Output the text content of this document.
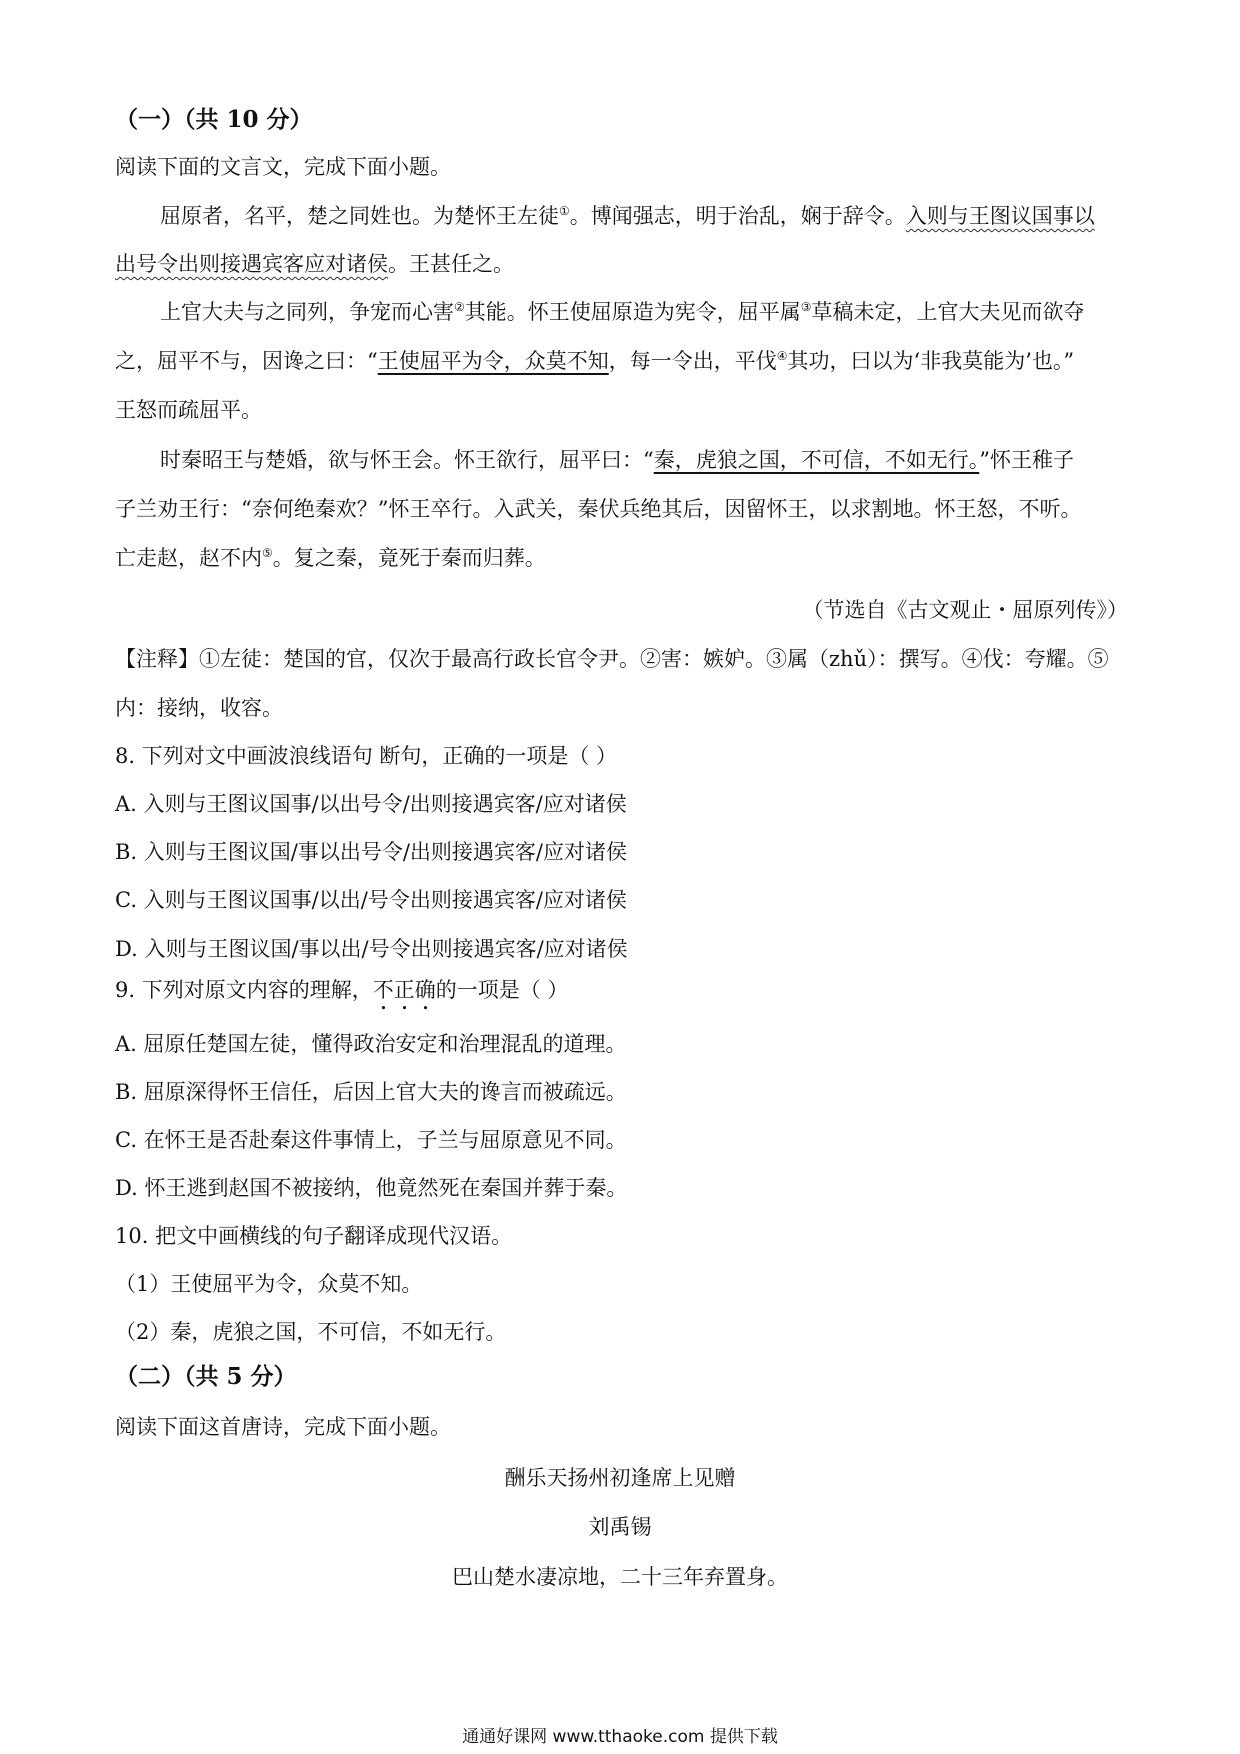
（一）（共 10 分）
阅读下面的文言文，完成下面小题。
屈原者，名平，楚之同姓也。为楚怀王左徒①。博闻强志，明于治乱，娴于辞令。入则与王图议国事以
出号令出则接遇宾客应对诸侯。王甚任之。
上官大夫与之同列，争宠而心害②其能。怀王使屈原造为宪令，屈平属③草稿未定，上官大夫见而欲夺
之，屈平不与，因谗之曰：“王使屈平为令，众莫不知，每一令出，平伐④其功，曰以为‘非我莫能为’也。”
王怒而疏屈平。
时秦昭王与楚婚，欲与怀王会。怀王欲行，屈平曰：“秦，虎狼之国，不可信，不如无行。”怀王稚子
子兰劝王行：“奈何绝秦欢？”怀王卒行。入武关，秦伏兵绝其后，因留怀王，以求割地。怀王怒，不听。
亡走赵，赵不内⑤。复之秦，竟死于秦而归葬。
（节选自《古文观止・屈原列传》）
【注释】①左徒：楚国的官，仅次于最高行政长官令尹。②害：嫉妒。③属（zhǔ）：撰写。④伐：夸耀。⑤
内：接纳，收容。
8. 下列对文中画波浪线语句 断句，正确的一项是（ ）
A. 入则与王图议国事/以出号令/出则接遇宾客/应对诸侯
B. 入则与王图议国/事以出号令/出则接遇宾客/应对诸侯
C. 入则与王图议国事/以出/号令出则接遇宾客/应对诸侯
D. 入则与王图议国/事以出/号令出则接遇宾客/应对诸侯
9. 下列对原文内容的理解，不正确的一项是（ ）
A. 屈原任楚国左徒，懂得政治安定和治理混乱的道理。
B. 屈原深得怀王信任，后因上官大夫的谗言而被疏远。
C. 在怀王是否赴秦这件事情上，子兰与屈原意见不同。
D. 怀王逃到赵国不被接纳，他竟然死在秦国并葬于秦。
10. 把文中画横线的句子翻译成现代汉语。
（1）王使屈平为令，众莫不知。
（2）秦，虎狼之国，不可信，不如无行。
（二）（共 5 分）
阅读下面这首唐诗，完成下面小题。
酬乐天扬州初逢席上见赠
刘禹锡
巴山楚水凄凉地，二十三年弃置身。
通通好课网 www.tthaoke.com 提供下载
